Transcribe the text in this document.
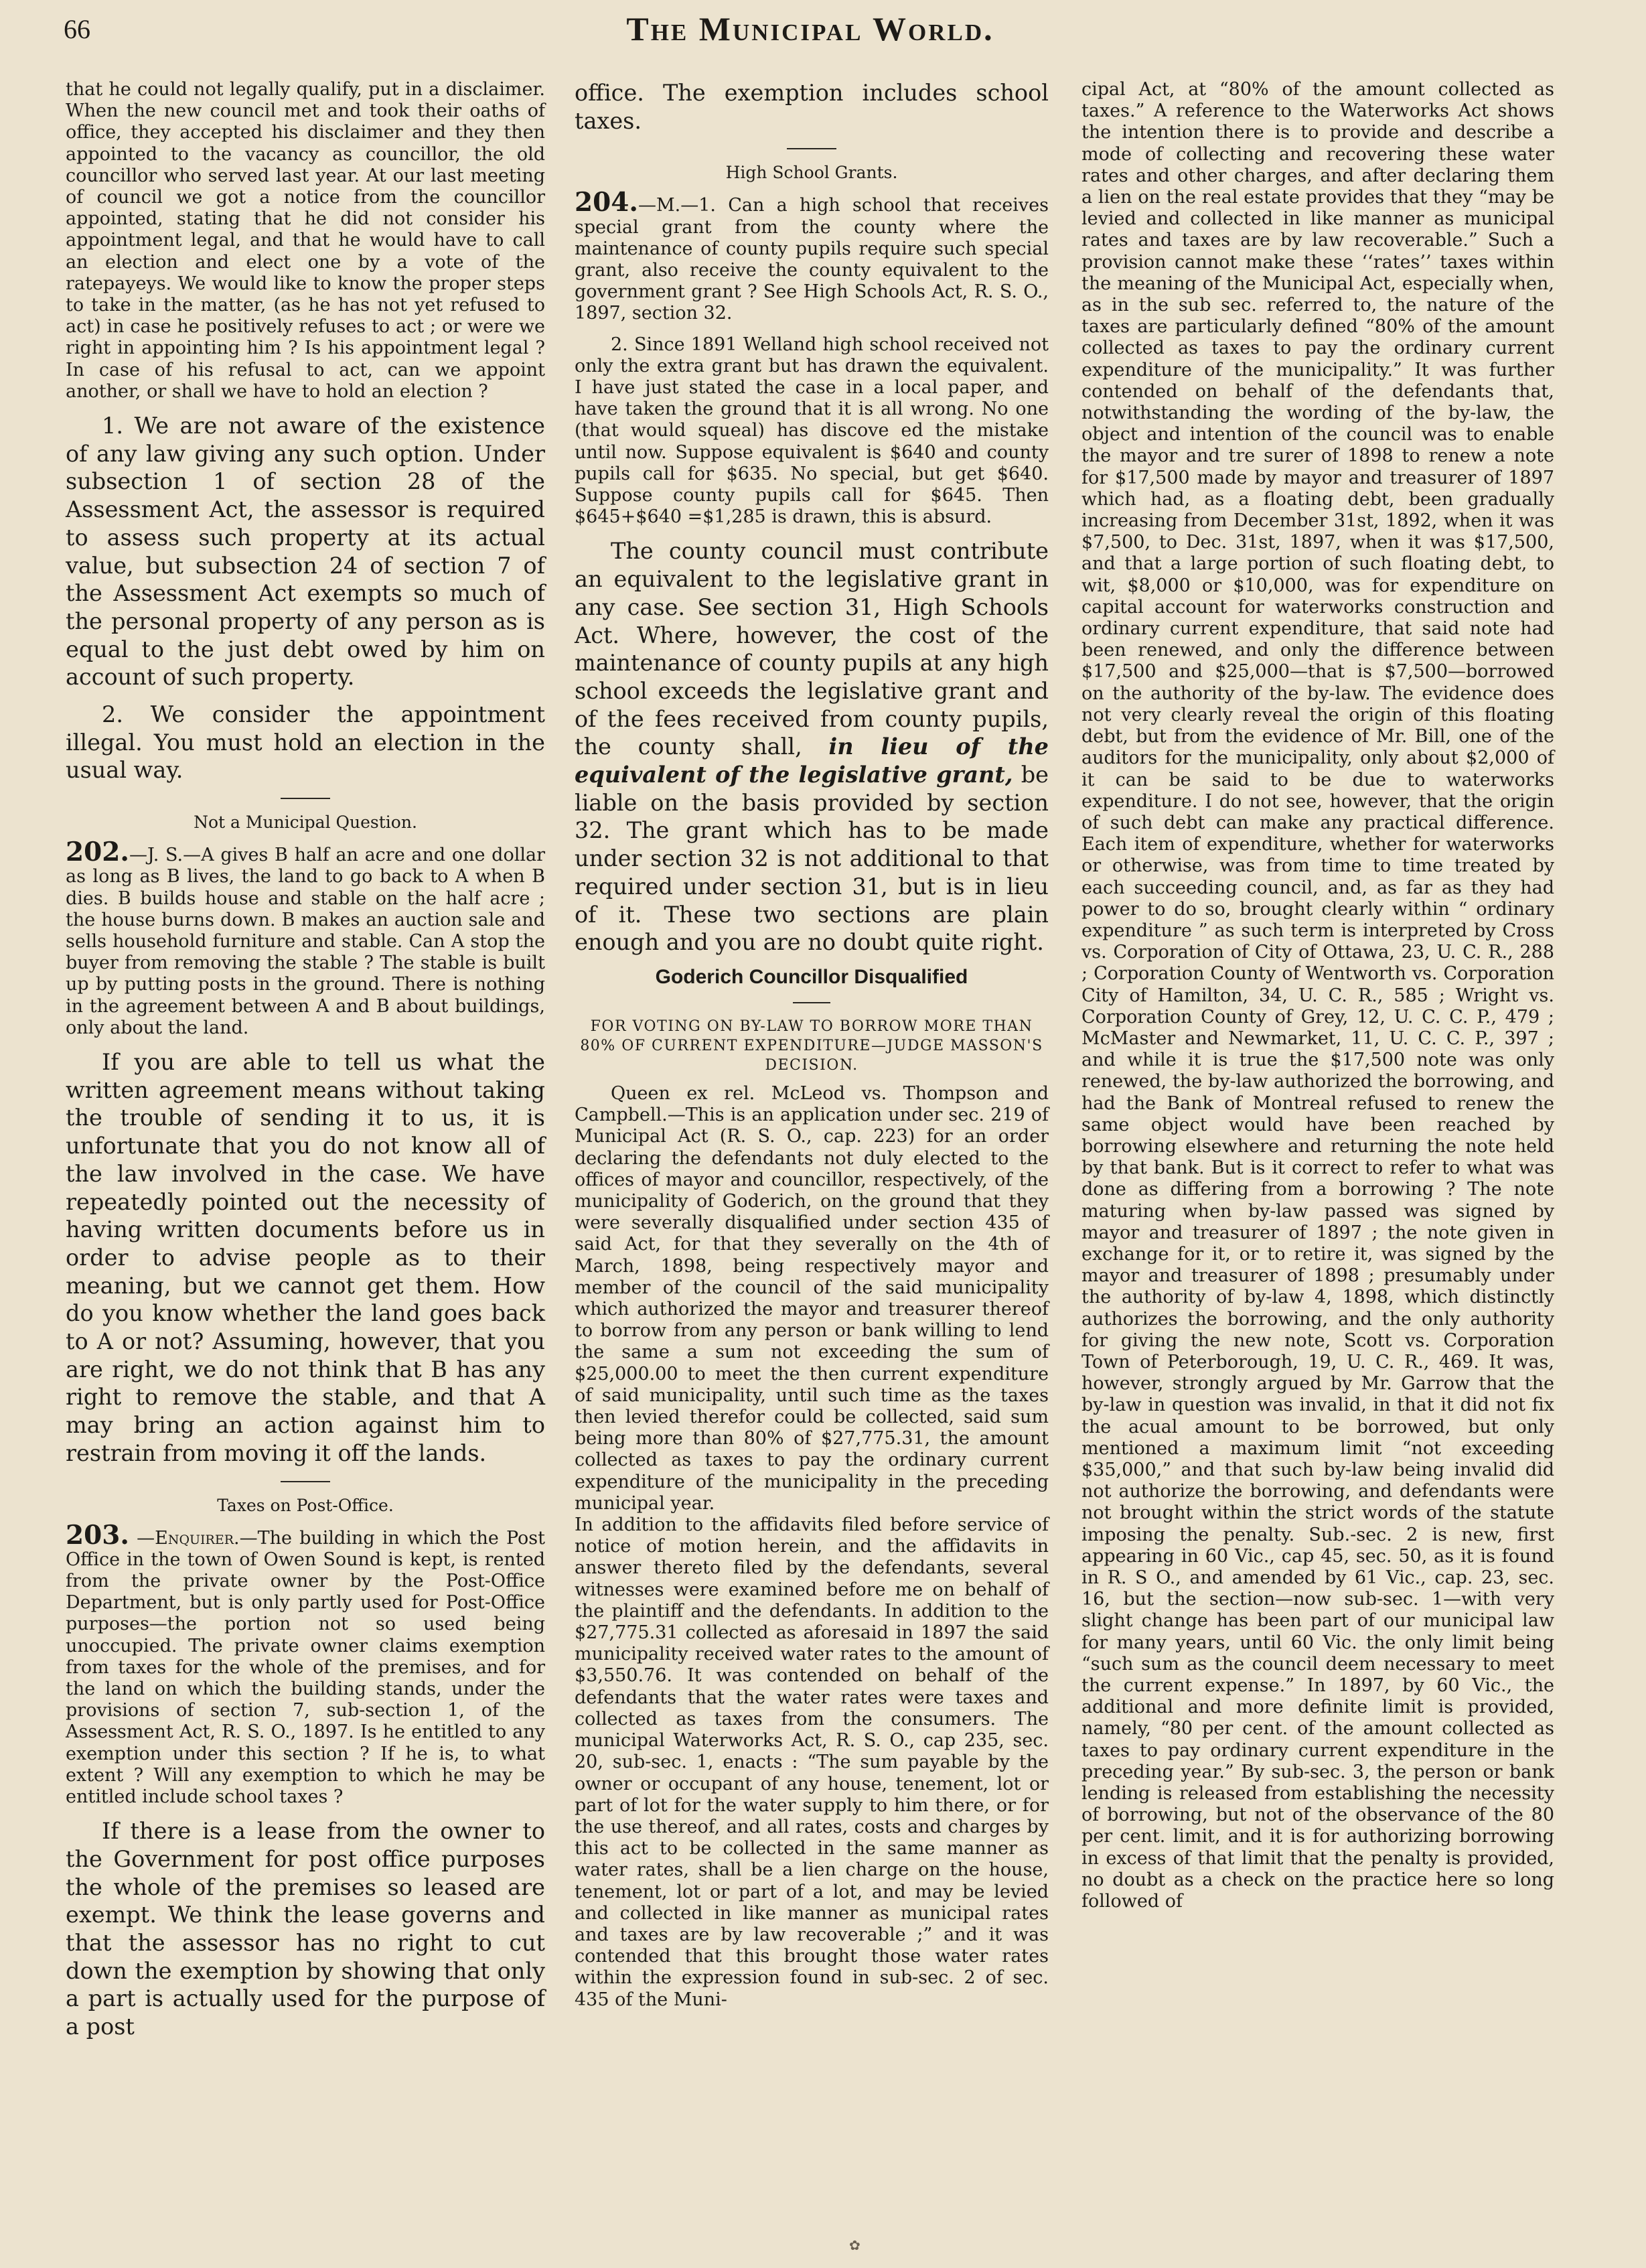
66	The Municipal World.

that he could not legally qualify, put in a disclaimer. When the new council met and took their oaths of office, they accepted his disclaimer and they then appointed to the vacancy as councillor, the old councillor who served last year. At our last meeting of council we got a notice from the councillor appointed, stating that he did not consider his appointment legal, and that he would have to call an election and elect one by a vote of the ratepayeys. We would like to know the proper steps to take in the matter, (as he has not yet refused to act) in case he positively refuses to act ; or were we right in appointing him ? Is his appointment legal ? In case of his refusal to act, can we appoint another, or shall we have to hold an election ?

1. We are not aware of the existence of any law giving any such option. Under subsection 1 of section 28 of the Assessment Act, the assessor is required to assess such property at its actual value, but subsection 24 of section 7 of the Assessment Act exempts so much of the personal property of any person as is equal to the just debt owed by him on account of such property.

2. We consider the appointment illegal. You must hold an election in the usual way.

Not a Municipal Question.

202.—J. S.—A gives B half an acre and one dollar as long as B lives, the land to go back to A when B dies. B builds house and stable on the half acre ; the house burns down. B makes an auction sale and sells household furniture and stable. Can A stop the buyer from removing the stable ? The stable is built up by putting posts in the ground. There is nothing in the agreement between A and B about buildings, only about the land.

If you are able to tell us what the written agreement means without taking the trouble of sending it to us, it is unfortunate that you do not know all of the law involved in the case. We have repeatedly pointed out the necessity of having written documents before us in order to advise people as to their meaning, but we cannot get them. How do you know whether the land goes back to A or not? Assuming, however, that you are right, we do not think that B has any right to remove the stable, and that A may bring an action against him to restrain from moving it off the lands.

Taxes on Post-Office.

203. —Enquirer.—The building in which the Post Office in the town of Owen Sound is kept, is rented from the private owner by the Post-Office Department, but is only partly used for Post-Office purposes—the portion not so used being unoccupied. The private owner claims exemption from taxes for the whole of the premises, and for the land on which the building stands, under the provisions of section 7, sub-section 1, of the Assessment Act, R. S. O., 1897. Is he entitled to any exemption under this section ? If he is, to what extent ? Will any exemption to which he may be entitled include school taxes ?

If there is a lease from the owner to the Government for post office purposes the whole of the premises so leased are exempt. We think the lease governs and that the assessor has no right to cut down the exemption by showing that only a part is actually used for the purpose of a post

office. The exemption includes school taxes.

High School Grants.

204.—M.—1. Can a high school that receives special grant from the county where the maintenance of county pupils require such special grant, also receive the county equivalent to the government grant ? See High Schools Act, R. S. O., 1897, section 32.

2. Since 1891 Welland high school received not only the extra grant but has drawn the equivalent. I have just stated the case in a local paper, and have taken the ground that it is all wrong. No one (that would squeal) has discove ed the mistake until now. Suppose equivalent is $640 and county pupils call for $635. No special, but get $640. Suppose county pupils call for $645. Then $645+$640 =$1,285 is drawn, this is absurd.

The county council must contribute an equivalent to the legislative grant in any case. See section 31, High Schools Act. Where, however, the cost of the maintenance of county pupils at any high school exceeds the legislative grant and of the fees received from county pupils, the county shall, in lieu of the equivalent of the legislative grant, be liable on the basis provided by section 32. The grant which has to be made under section 32 is not additional to that required under section 31, but is in lieu of it. These two sections are plain enough and you are no doubt quite right.

Goderich Councillor Disqualified
FOR VOTING ON BY-LAW TO BORROW MORE THAN 80% OF CURRENT EXPENDITURE—JUDGE MASSON'S DECISION.

Queen ex rel. McLeod vs. Thompson and Campbell.—This is an application under sec. 219 of Municipal Act (R. S. O., cap. 223) for an order declaring the defendants not duly elected to the offices of mayor and councillor, respectively, of the municipality of Goderich, on the ground that they were severally disqualified under section 435 of said Act, for that they severally on the 4th of March, 1898, being respectively mayor and member of the council of the said municipality which authorized the mayor and treasurer thereof to borrow from any person or bank willing to lend the same a sum not exceeding the sum of $25,000.00 to meet the then current expenditure of said municipality, until such time as the taxes then levied therefor could be collected, said sum being more than 80% of $27,775.31, the amount collected as taxes to pay the ordinary current expenditure of the municipality in the preceding municipal year.

In addition to the affidavits filed before service of notice of motion herein, and the affidavits in answer thereto filed by the defendants, several witnesses were examined before me on behalf of the plaintiff and the defendants. In addition to the $27,775.31 collected as aforesaid in 1897 the said municipality received water rates to the amount of $3,550.76. It was contended on behalf of the defendants that the water rates were taxes and collected as taxes from the consumers. The municipal Waterworks Act, R. S. O., cap 235, sec. 20, sub-sec. 1, enacts : “The sum payable by the owner or occupant of any house, tenement, lot or part of lot for the water supply to him there, or for the use thereof, and all rates, costs and charges by this act to be collected in the same manner as water rates, shall be a lien charge on the house, tenement, lot or part of a lot, and may be levied and collected in like manner as municipal rates and taxes are by law recoverable ;” and it was contended that this brought those water rates within the expression found in sub-sec. 2 of sec. 435 of the Muni-

cipal Act, at “80% of the amount collected as taxes.” A reference to the Waterworks Act shows the intention there is to provide and describe a mode of collecting and recovering these water rates and other charges, and after declaring them a lien on the real estate provides that they “may be levied and collected in like manner as municipal rates and taxes are by law recoverable.” Such a provision cannot make these ‘‘rates’’ taxes within the meaning of the Municipal Act, especially when, as in the sub sec. referred to, the nature of the taxes are particularly defined “80% of the amount collected as taxes to pay the ordinary current expenditure of the municipality.” It was further contended on behalf of the defendants that, notwithstanding the wording of the by-law, the object and intention of the council was to enable the mayor and tre surer of 1898 to renew a note for $17,500 made by mayor and treasurer of 1897 which had, as a floating debt, been gradually increasing from December 31st, 1892, when it was $7,500, to Dec. 31st, 1897, when it was $17,500, and that a large portion of such floating debt, to wit, $8,000 or $10,000, was for expenditure on capital account for waterworks construction and ordinary current expenditure, that said note had been renewed, and only the difference between $17,500 and $25,000—that is $7,500—borrowed on the authority of the by-law. The evidence does not very clearly reveal the origin of this floating debt, but from the evidence of Mr. Bill, one of the auditors for the municipality, only about $2,000 of it can be said to be due to waterworks expenditure. I do not see, however, that the origin of such debt can make any practical difference. Each item of expenditure, whether for waterworks or otherwise, was from time to time treated by each succeeding council, and, as far as they had power to do so, brought clearly within “ ordinary expenditure ” as such term is interpreted by Cross vs. Corporation of City of Ottawa, 23, U. C. R., 288 ; Corporation County of Wentworth vs. Corporation City of Hamilton, 34, U. C. R., 585 ; Wright vs. Corporation County of Grey, 12, U. C. C. P., 479 ; McMaster and Newmarket, 11, U. C. C. P., 397 ; and while it is true the $17,500 note was only renewed, the by-law authorized the borrowing, and had the Bank of Montreal refused to renew the same object would have been reached by borrowing elsewhere and returning the note held by that bank. But is it correct to refer to what was done as differing from a borrowing ? The note maturing when by-law passed was signed by mayor and treasurer of 1897 ; the note given in exchange for it, or to retire it, was signed by the mayor and treasurer of 1898 ; presumably under the authority of by-law 4, 1898, which distinctly authorizes the borrowing, and the only authority for giving the new note, Scott vs. Corporation Town of Peterborough, 19, U. C. R., 469. It was, however, strongly argued by Mr. Garrow that the by-law in question was invalid, in that it did not fix the acual amount to be borrowed, but only mentioned a maximum limit “not exceeding $35,000,” and that such by-law being invalid did not authorize the borrowing, and defendants were not brought within the strict words of the statute imposing the penalty. Sub.-sec. 2 is new, first appearing in 60 Vic., cap 45, sec. 50, as it is found in R. S O., and amended by 61 Vic., cap. 23, sec. 16, but the section—now sub-sec. 1—with very slight change has been part of our municipal law for many years, until 60 Vic. the only limit being “such sum as the council deem necessary to meet the current expense.” In 1897, by 60 Vic., the additional and more definite limit is provided, namely, “80 per cent. of the amount collected as taxes to pay ordinary current expenditure in the preceding year.” By sub-sec. 3, the person or bank lending is released from establishing the necessity of borrowing, but not of the observance of the 80 per cent. limit, and it is for authorizing borrowing in excess of that limit that the penalty is provided, no doubt as a check on the practice here so long followed of

✿
